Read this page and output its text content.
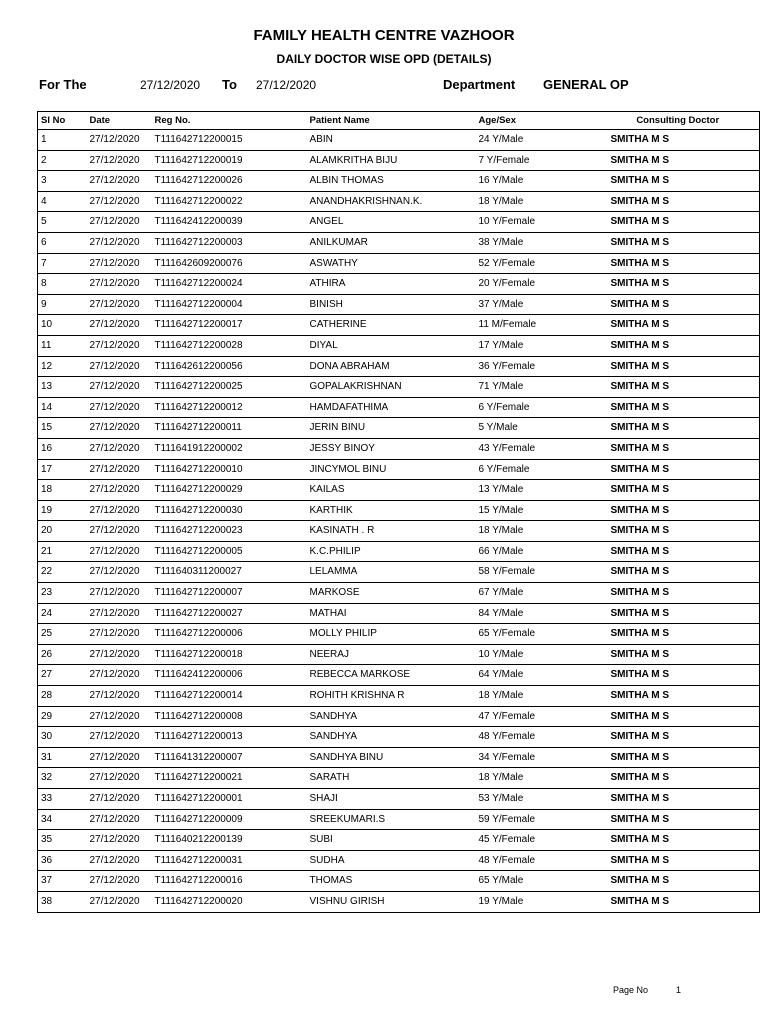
FAMILY HEALTH CENTRE VAZHOOR
DAILY DOCTOR WISE OPD (DETAILS)
For The	27/12/2020 To 27/12/2020	Department GENERAL OP
Sl No	Date	Reg No.	Patient Name	Age/Sex	Consulting Doctor
1	27/12/2020	T111642712200015	ABIN	24 Y/Male	SMITHA M S
2	27/12/2020	T111642712200019	ALAMKRITHA BIJU	7 Y/Female	SMITHA M S
3	27/12/2020	T111642712200026	ALBIN THOMAS	16 Y/Male	SMITHA M S
4	27/12/2020	T111642712200022	ANANDHAKRISHNAN.K.	18 Y/Male	SMITHA M S
5	27/12/2020	T111642412200039	ANGEL	10 Y/Female	SMITHA M S
6	27/12/2020	T111642712200003	ANILKUMAR	38 Y/Male	SMITHA M S
7	27/12/2020	T111642609200076	ASWATHY	52 Y/Female	SMITHA M S
8	27/12/2020	T111642712200024	ATHIRA	20 Y/Female	SMITHA M S
9	27/12/2020	T111642712200004	BINISH	37 Y/Male	SMITHA M S
10	27/12/2020	T111642712200017	CATHERINE	11 M/Female	SMITHA M S
11	27/12/2020	T111642712200028	DIYAL	17 Y/Male	SMITHA M S
12	27/12/2020	T111642612200056	DONA ABRAHAM	36 Y/Female	SMITHA M S
13	27/12/2020	T111642712200025	GOPALAKRISHNAN	71 Y/Male	SMITHA M S
14	27/12/2020	T111642712200012	HAMDAFATHIMA	6 Y/Female	SMITHA M S
15	27/12/2020	T111642712200011	JERIN BINU	5 Y/Male	SMITHA M S
16	27/12/2020	T111641912200002	JESSY BINOY	43 Y/Female	SMITHA M S
17	27/12/2020	T111642712200010	JINCYMOL BINU	6 Y/Female	SMITHA M S
18	27/12/2020	T111642712200029	KAILAS	13 Y/Male	SMITHA M S
19	27/12/2020	T111642712200030	KARTHIK	15 Y/Male	SMITHA M S
20	27/12/2020	T111642712200023	KASINATH . R	18 Y/Male	SMITHA M S
21	27/12/2020	T111642712200005	K.C.PHILIP	66 Y/Male	SMITHA M S
22	27/12/2020	T111640311200027	LELAMMA	58 Y/Female	SMITHA M S
23	27/12/2020	T111642712200007	MARKOSE	67 Y/Male	SMITHA M S
24	27/12/2020	T111642712200027	MATHAI	84 Y/Male	SMITHA M S
25	27/12/2020	T111642712200006	MOLLY PHILIP	65 Y/Female	SMITHA M S
26	27/12/2020	T111642712200018	NEERAJ	10 Y/Male	SMITHA M S
27	27/12/2020	T111642412200006	REBECCA MARKOSE	64 Y/Male	SMITHA M S
28	27/12/2020	T111642712200014	ROHITH KRISHNA R	18 Y/Male	SMITHA M S
29	27/12/2020	T111642712200008	SANDHYA	47 Y/Female	SMITHA M S
30	27/12/2020	T111642712200013	SANDHYA	48 Y/Female	SMITHA M S
31	27/12/2020	T111641312200007	SANDHYA BINU	34 Y/Female	SMITHA M S
32	27/12/2020	T111642712200021	SARATH	18 Y/Male	SMITHA M S
33	27/12/2020	T111642712200001	SHAJI	53 Y/Male	SMITHA M S
34	27/12/2020	T111642712200009	SREEKUMARI.S	59 Y/Female	SMITHA M S
35	27/12/2020	T111640212200139	SUBI	45 Y/Female	SMITHA M S
36	27/12/2020	T111642712200031	SUDHA	48 Y/Female	SMITHA M S
37	27/12/2020	T111642712200016	THOMAS	65 Y/Male	SMITHA M S
38	27/12/2020	T111642712200020	VISHNU GIRISH	19 Y/Male	SMITHA M S
Page No	1
